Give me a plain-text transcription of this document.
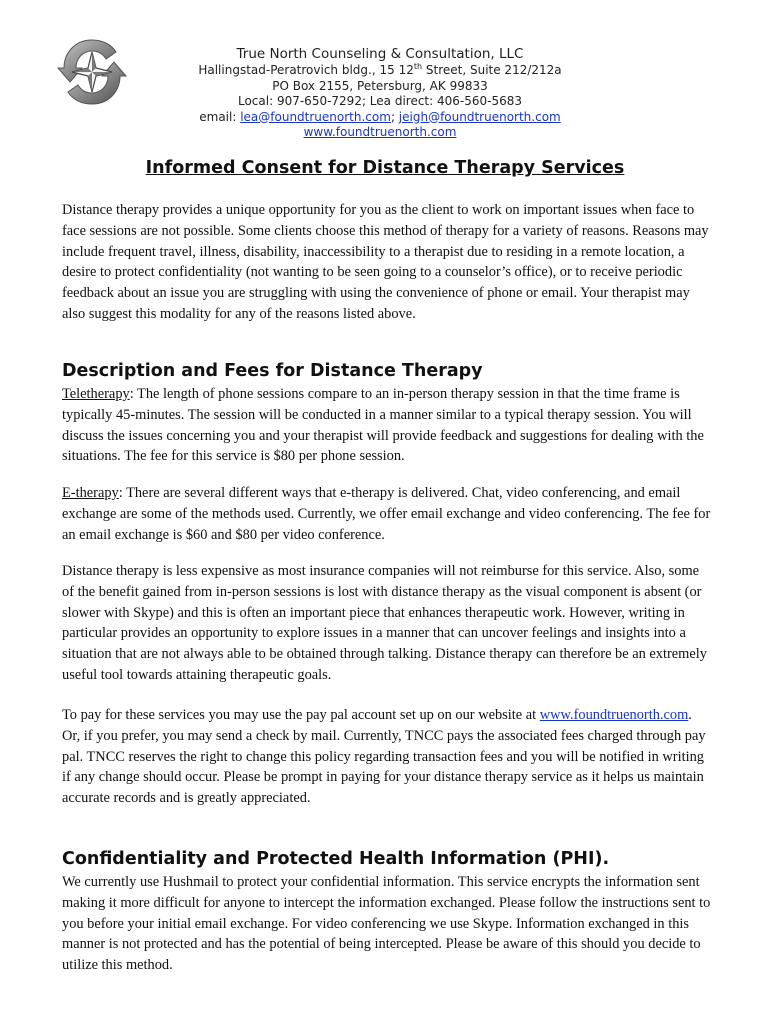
True North Counseling & Consultation, LLC
Hallingstad-Peratrovich bldg., 15 12th Street, Suite 212/212a
PO Box 2155, Petersburg, AK 99833
Local: 907-650-7292; Lea direct: 406-560-5683
email: lea@foundtruenorth.com; jeigh@foundtruenorth.com
www.foundtruenorth.com
Informed Consent for Distance Therapy Services
Distance therapy provides a unique opportunity for you as the client to work on important issues when face to face sessions are not possible. Some clients choose this method of therapy for a variety of reasons. Reasons may include frequent travel, illness, disability, inaccessibility to a therapist due to residing in a remote location, a desire to protect confidentiality (not wanting to be seen going to a counselor’s office), or to receive periodic feedback about an issue you are struggling with using the convenience of phone or email. Your therapist may also suggest this modality for any of the reasons listed above.
Description and Fees for Distance Therapy
Teletherapy: The length of phone sessions compare to an in-person therapy session in that the time frame is typically 45-minutes. The session will be conducted in a manner similar to a typical therapy session. You will discuss the issues concerning you and your therapist will provide feedback and suggestions for dealing with the situations. The fee for this service is $80 per phone session.
E-therapy: There are several different ways that e-therapy is delivered. Chat, video conferencing, and email exchange are some of the methods used. Currently, we offer email exchange and video conferencing. The fee for an email exchange is $60 and $80 per video conference.
Distance therapy is less expensive as most insurance companies will not reimburse for this service. Also, some of the benefit gained from in-person sessions is lost with distance therapy as the visual component is absent (or slower with Skype) and this is often an important piece that enhances therapeutic work. However, writing in particular provides an opportunity to explore issues in a manner that can uncover feelings and insights into a situation that are not always able to be obtained through talking. Distance therapy can therefore be an extremely useful tool towards attaining therapeutic goals.
To pay for these services you may use the pay pal account set up on our website at www.foundtruenorth.com. Or, if you prefer, you may send a check by mail. Currently, TNCC pays the associated fees charged through pay pal. TNCC reserves the right to change this policy regarding transaction fees and you will be notified in writing if any change should occur. Please be prompt in paying for your distance therapy service as it helps us maintain accurate records and is greatly appreciated.
Confidentiality and Protected Health Information (PHI).
We currently use Hushmail to protect your confidential information. This service encrypts the information sent making it more difficult for anyone to intercept the information exchanged. Please follow the instructions sent to you before your initial email exchange. For video conferencing we use Skype. Information exchanged in this manner is not protected and has the potential of being intercepted. Please be aware of this should you decide to utilize this method.
